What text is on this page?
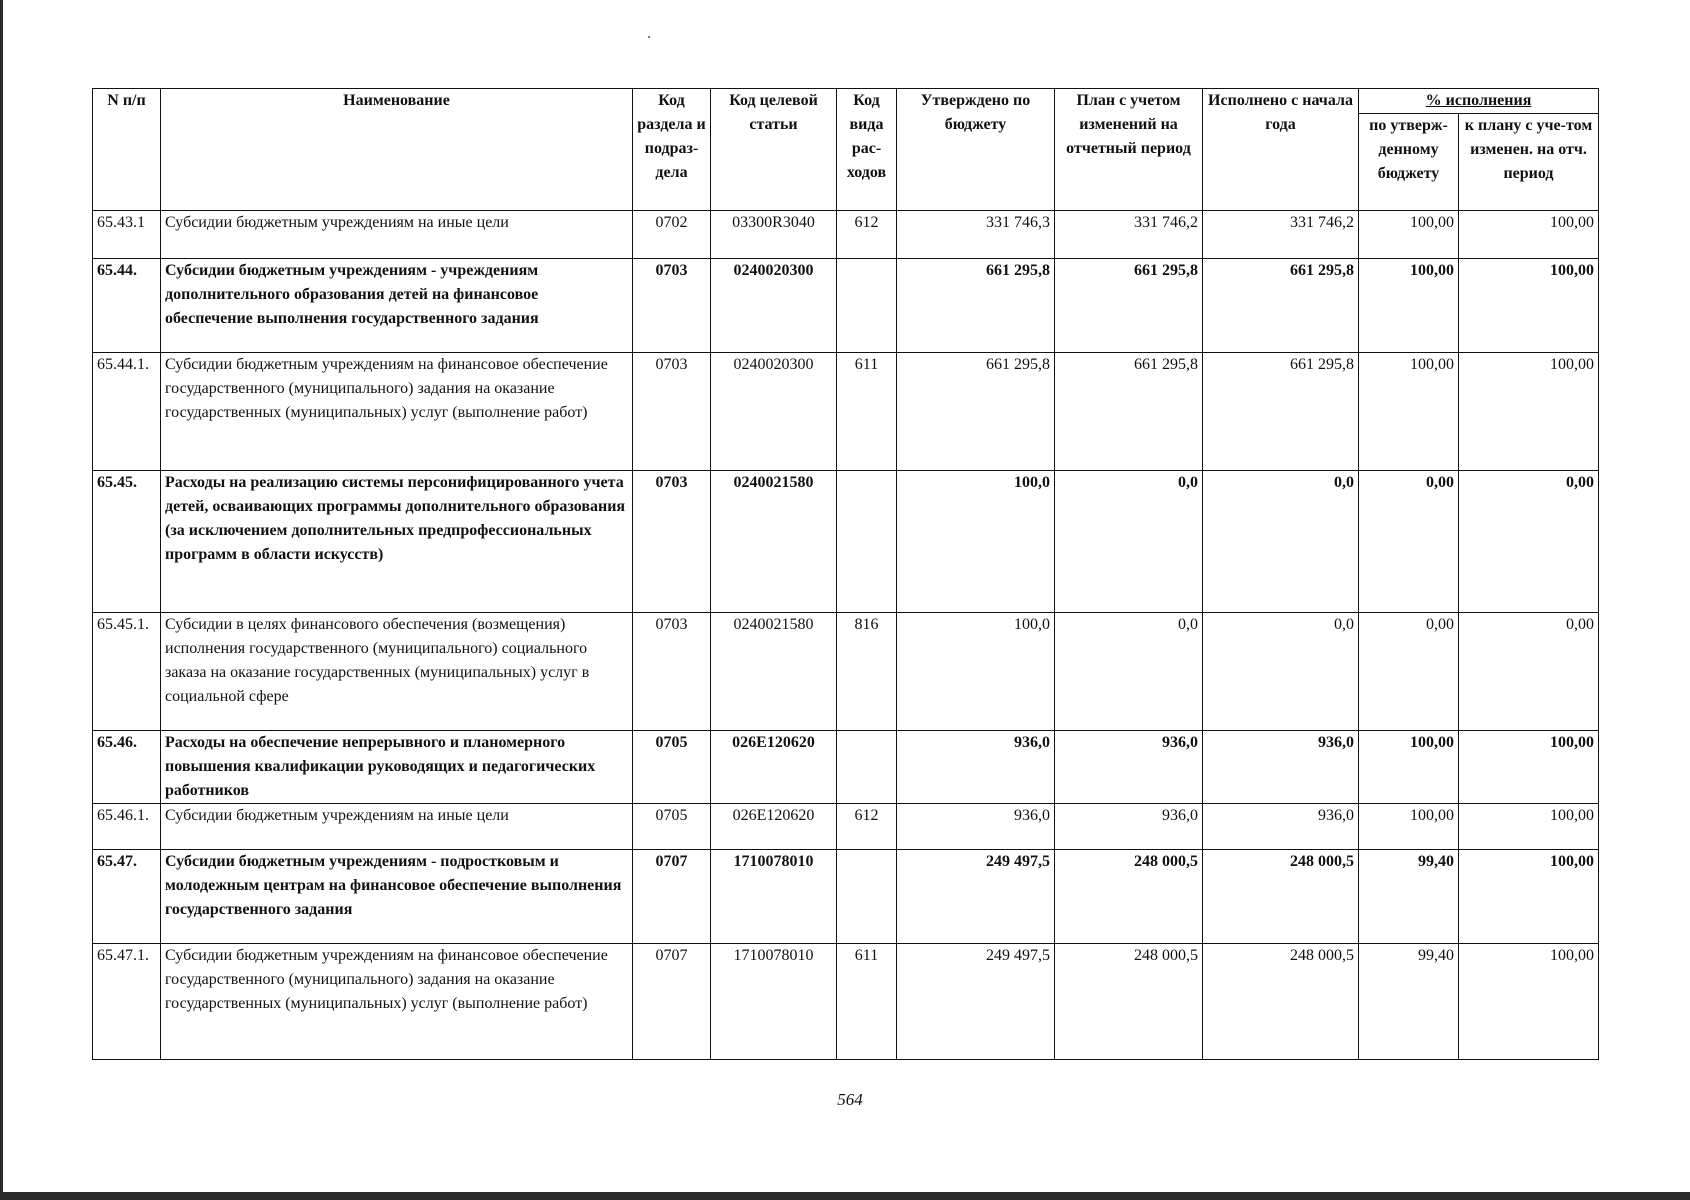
N п/п	Наименование	Код раздела и подраз-дела	Код целевой статьи	Код вида рас-ходов	Утверждено по бюджету	План с учетом изменений на отчетный период	Исполнено с начала года	% исполнения	
								по утверж-денному бюджету	к плану с уче-том изменен. на отч. период
65.43.1	Субсидии бюджетным учреждениям на иные цели	0702	03300R3040	612	331 746,3	331 746,2	331 746,2	100,00	100,00
65.44.	Субсидии бюджетным учреждениям - учреждениям дополнительного образования детей на финансовое обеспечение выполнения государственного задания	0703	0240020300		661 295,8	661 295,8	661 295,8	100,00	100,00
65.44.1.	Субсидии бюджетным учреждениям на финансовое обеспечение государственного (муниципального) задания на оказание государственных (муниципальных) услуг (выполнение работ)	0703	0240020300	611	661 295,8	661 295,8	661 295,8	100,00	100,00
65.45.	Расходы на реализацию системы персонифицированного учета детей, осваивающих программы дополнительного образования (за исключением дополнительных предпрофессиональных программ в области искусств)	0703	0240021580		100,0	0,0	0,0	0,00	0,00
65.45.1.	Субсидии в целях финансового обеспечения (возмещения) исполнения государственного (муниципального) социального заказа на оказание государственных (муниципальных) услуг в социальной сфере	0703	0240021580	816	100,0	0,0	0,0	0,00	0,00
65.46.	Расходы на обеспечение непрерывного и планомерного повышения квалификации руководящих и педагогических работников	0705	026E120620		936,0	936,0	936,0	100,00	100,00
65.46.1.	Субсидии бюджетным учреждениям на иные цели	0705	026E120620	612	936,0	936,0	936,0	100,00	100,00
65.47.	Субсидии бюджетным учреждениям - подростковым и молодежным центрам на финансовое обеспечение выполнения государственного задания	0707	1710078010		249 497,5	248 000,5	248 000,5	99,40	100,00
65.47.1.	Субсидии бюджетным учреждениям на финансовое обеспечение государственного (муниципального) задания на оказание государственных (муниципальных) услуг (выполнение работ)	0707	1710078010	611	249 497,5	248 000,5	248 000,5	99,40	100,00
564
